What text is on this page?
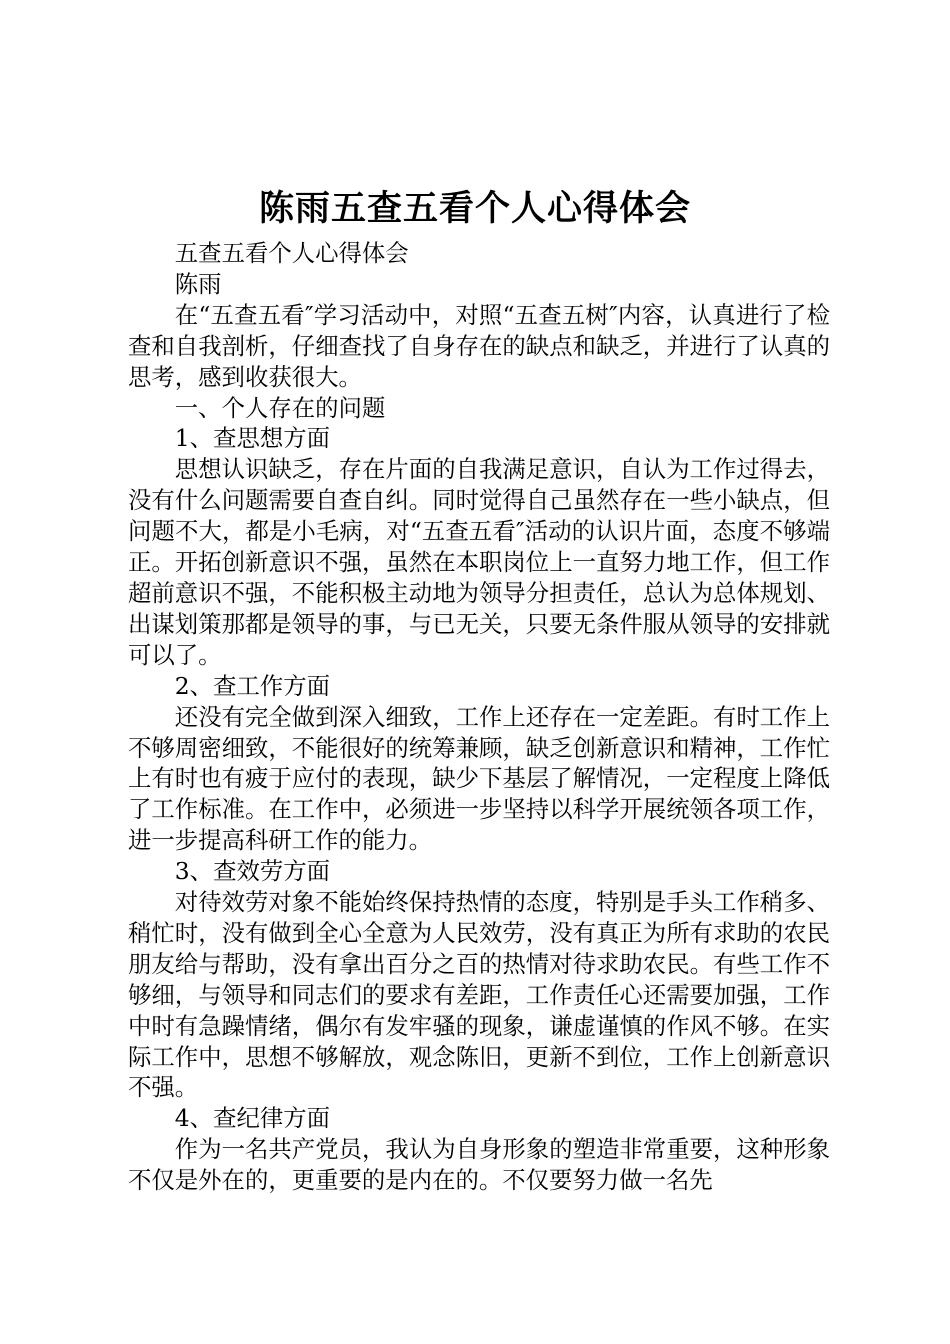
陈雨五查五看个人心得体会

五查五看个人心得体会

陈雨

在“五查五看″学习活动中，对照“五查五树″内容，认真进行了检查和自我剖析，仔细查找了自身存在的缺点和缺乏，并进行了认真的思考，感到收获很大。

一、个人存在的问题

1、查思想方面

思想认识缺乏，存在片面的自我满足意识，自认为工作过得去，没有什么问题需要自查自纠。同时觉得自己虽然存在一些小缺点，但问题不大，都是小毛病，对“五查五看″活动的认识片面，态度不够端正。开拓创新意识不强，虽然在本职岗位上一直努力地工作，但工作超前意识不强，不能积极主动地为领导分担责任，总认为总体规划、出谋划策那都是领导的事，与已无关，只要无条件服从领导的安排就可以了。

2、查工作方面

还没有完全做到深入细致，工作上还存在一定差距。有时工作上不够周密细致，不能很好的统筹兼顾，缺乏创新意识和精神，工作忙上有时也有疲于应付的表现，缺少下基层了解情况，一定程度上降低了工作标准。在工作中，必须进一步坚持以科学开展统领各项工作，进一步提高科研工作的能力。

3、查效劳方面

对待效劳对象不能始终保持热情的态度，特别是手头工作稍多、稍忙时，没有做到全心全意为人民效劳，没有真正为所有求助的农民朋友给与帮助，没有拿出百分之百的热情对待求助农民。有些工作不够细，与领导和同志们的要求有差距，工作责任心还需要加强，工作中时有急躁情绪，偶尔有发牢骚的现象，谦虚谨慎的作风不够。在实际工作中，思想不够解放，观念陈旧，更新不到位，工作上创新意识不强。

4、查纪律方面

作为一名共产党员，我认为自身形象的塑造非常重要，这种形象不仅是外在的，更重要的是内在的。不仅要努力做一名先
